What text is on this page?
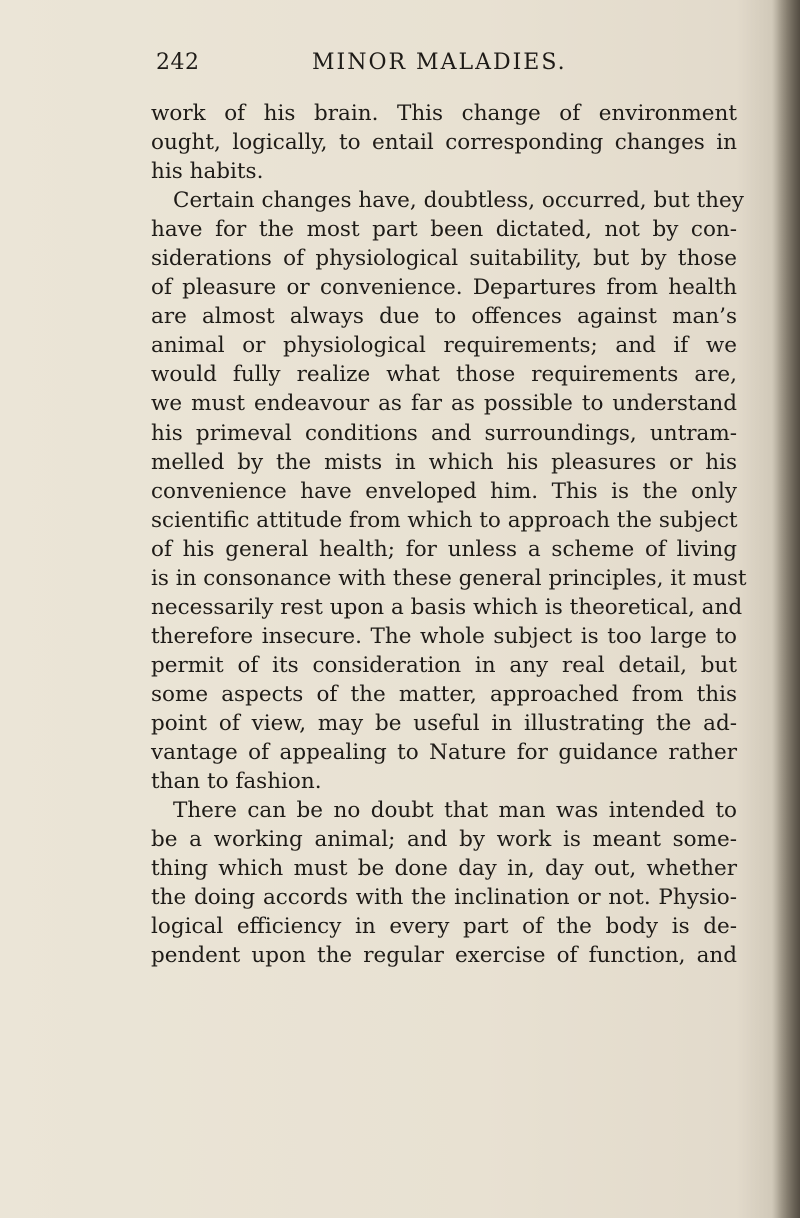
242	MINOR MALADIES.
work of his brain. This change of environment
ought, logically, to entail corresponding changes in
his habits.
Certain changes have, doubtless, occurred, but they
have for the most part been dictated, not by con-
siderations of physiological suitability, but by those
of pleasure or convenience. Departures from health
are almost always due to offences against man’s
animal or physiological requirements; and if we
would fully realize what those requirements are,
we must endeavour as far as possible to understand
his primeval conditions and surroundings, untram-
melled by the mists in which his pleasures or his
convenience have enveloped him. This is the only
scientific attitude from which to approach the subject
of his general health; for unless a scheme of living
is in consonance with these general principles, it must
necessarily rest upon a basis which is theoretical, and
therefore insecure. The whole subject is too large to
permit of its consideration in any real detail, but
some aspects of the matter, approached from this
point of view, may be useful in illustrating the ad-
vantage of appealing to Nature for guidance rather
than to fashion.
There can be no doubt that man was intended to
be a working animal; and by work is meant some-
thing which must be done day in, day out, whether
the doing accords with the inclination or not. Physio-
logical efficiency in every part of the body is de-
pendent upon the regular exercise of function, and
